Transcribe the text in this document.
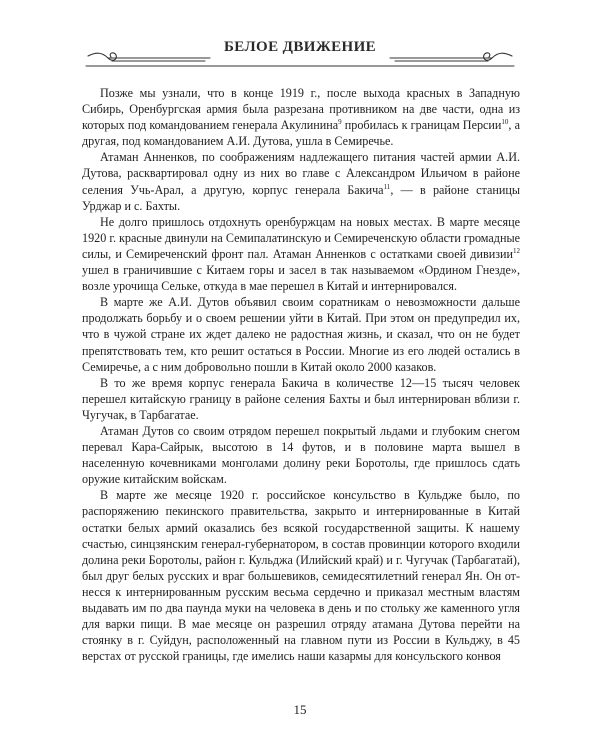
БЕЛОЕ ДВИЖЕНИЕ

Позже мы узнали, что в конце 1919 г., после выхода красных в Западную Сибирь, Оренбургская армия была разрезана противником на две части, одна из которых под командованием генерала Акулинина$^9$ пробилась к границам Персии$^{10}$, а другая, под командованием А.И. Дутова, ушла в Семиречье.

Атаман Анненков, по соображениям надлежащего питания частей армии А.И. Дутова, расквартировал одну из них во главе с Александром Ильичом в районе селения Учь-Арал, а другую, корпус генерала Бакича$^{11}$, — в районе станицы Урджар и с. Бахты.

Не долго пришлось отдохнуть оренбуржцам на новых местах. В марте месяце 1920 г. красные двинули на Семипалатинскую и Семиреченскую области громадные силы, и Семиреченский фронт пал. Атаман Анненков с остатками своей дивизии$^{12}$ ушел в граничившие с Китаем горы и засел в так называемом «Ордином Гнезде», возле урочища Сельке, откуда в мае перешел в Китай и интернировался.

В марте же А.И. Дутов объявил своим соратникам о невозможности дальше продолжать борьбу и о своем решении уйти в Китай. При этом он предупредил их, что в чужой стране их ждет далеко не радостная жизнь, и сказал, что он не будет препятствовать тем, кто решит остаться в России. Многие из его людей остались в Семиречье, а с ним добровольно пошли в Китай около 2000 казаков.

В то же время корпус генерала Бакича в количестве 12—15 тысяч человек перешел китайскую границу в районе селения Бахты и был интернирован вблизи г. Чугучак, в Тарбагатае.

Атаман Дутов со своим отрядом перешел покрытый льдами и глубоким снегом перевал Кара-Сайрык, высотою в 14 футов, и в половине марта вышел в населенную кочевниками монголами долину реки Боротолы, где пришлось сдать оружие китайским войскам.

В марте же месяце 1920 г. российское консульство в Кульдже было, по распоряжению пекинского правительства, закрыто и интернированные в Китай остатки белых армий оказались без всякой государственной защиты. К нашему счастью, синцзянским генерал-губернатором, в состав провинции которого входили долина реки Боротолы, район г. Кульджа (Илийский край) и г. Чугучак (Тарбагатай), был друг белых русских и враг большевиков, семидесятилетний генерал Ян. Он отнесся к интернированным русским весьма сердечно и приказал местным властям выдавать им по два паунда муки на человека в день и по стольку же каменного угля для варки пищи. В мае месяце он разрешил отряду атамана Дутова перейти на стоянку в г. Суйдун, расположенный на главном пути из России в Кульджу, в 45 верстах от русской границы, где имелись наши казармы для консульского конвоя

15
